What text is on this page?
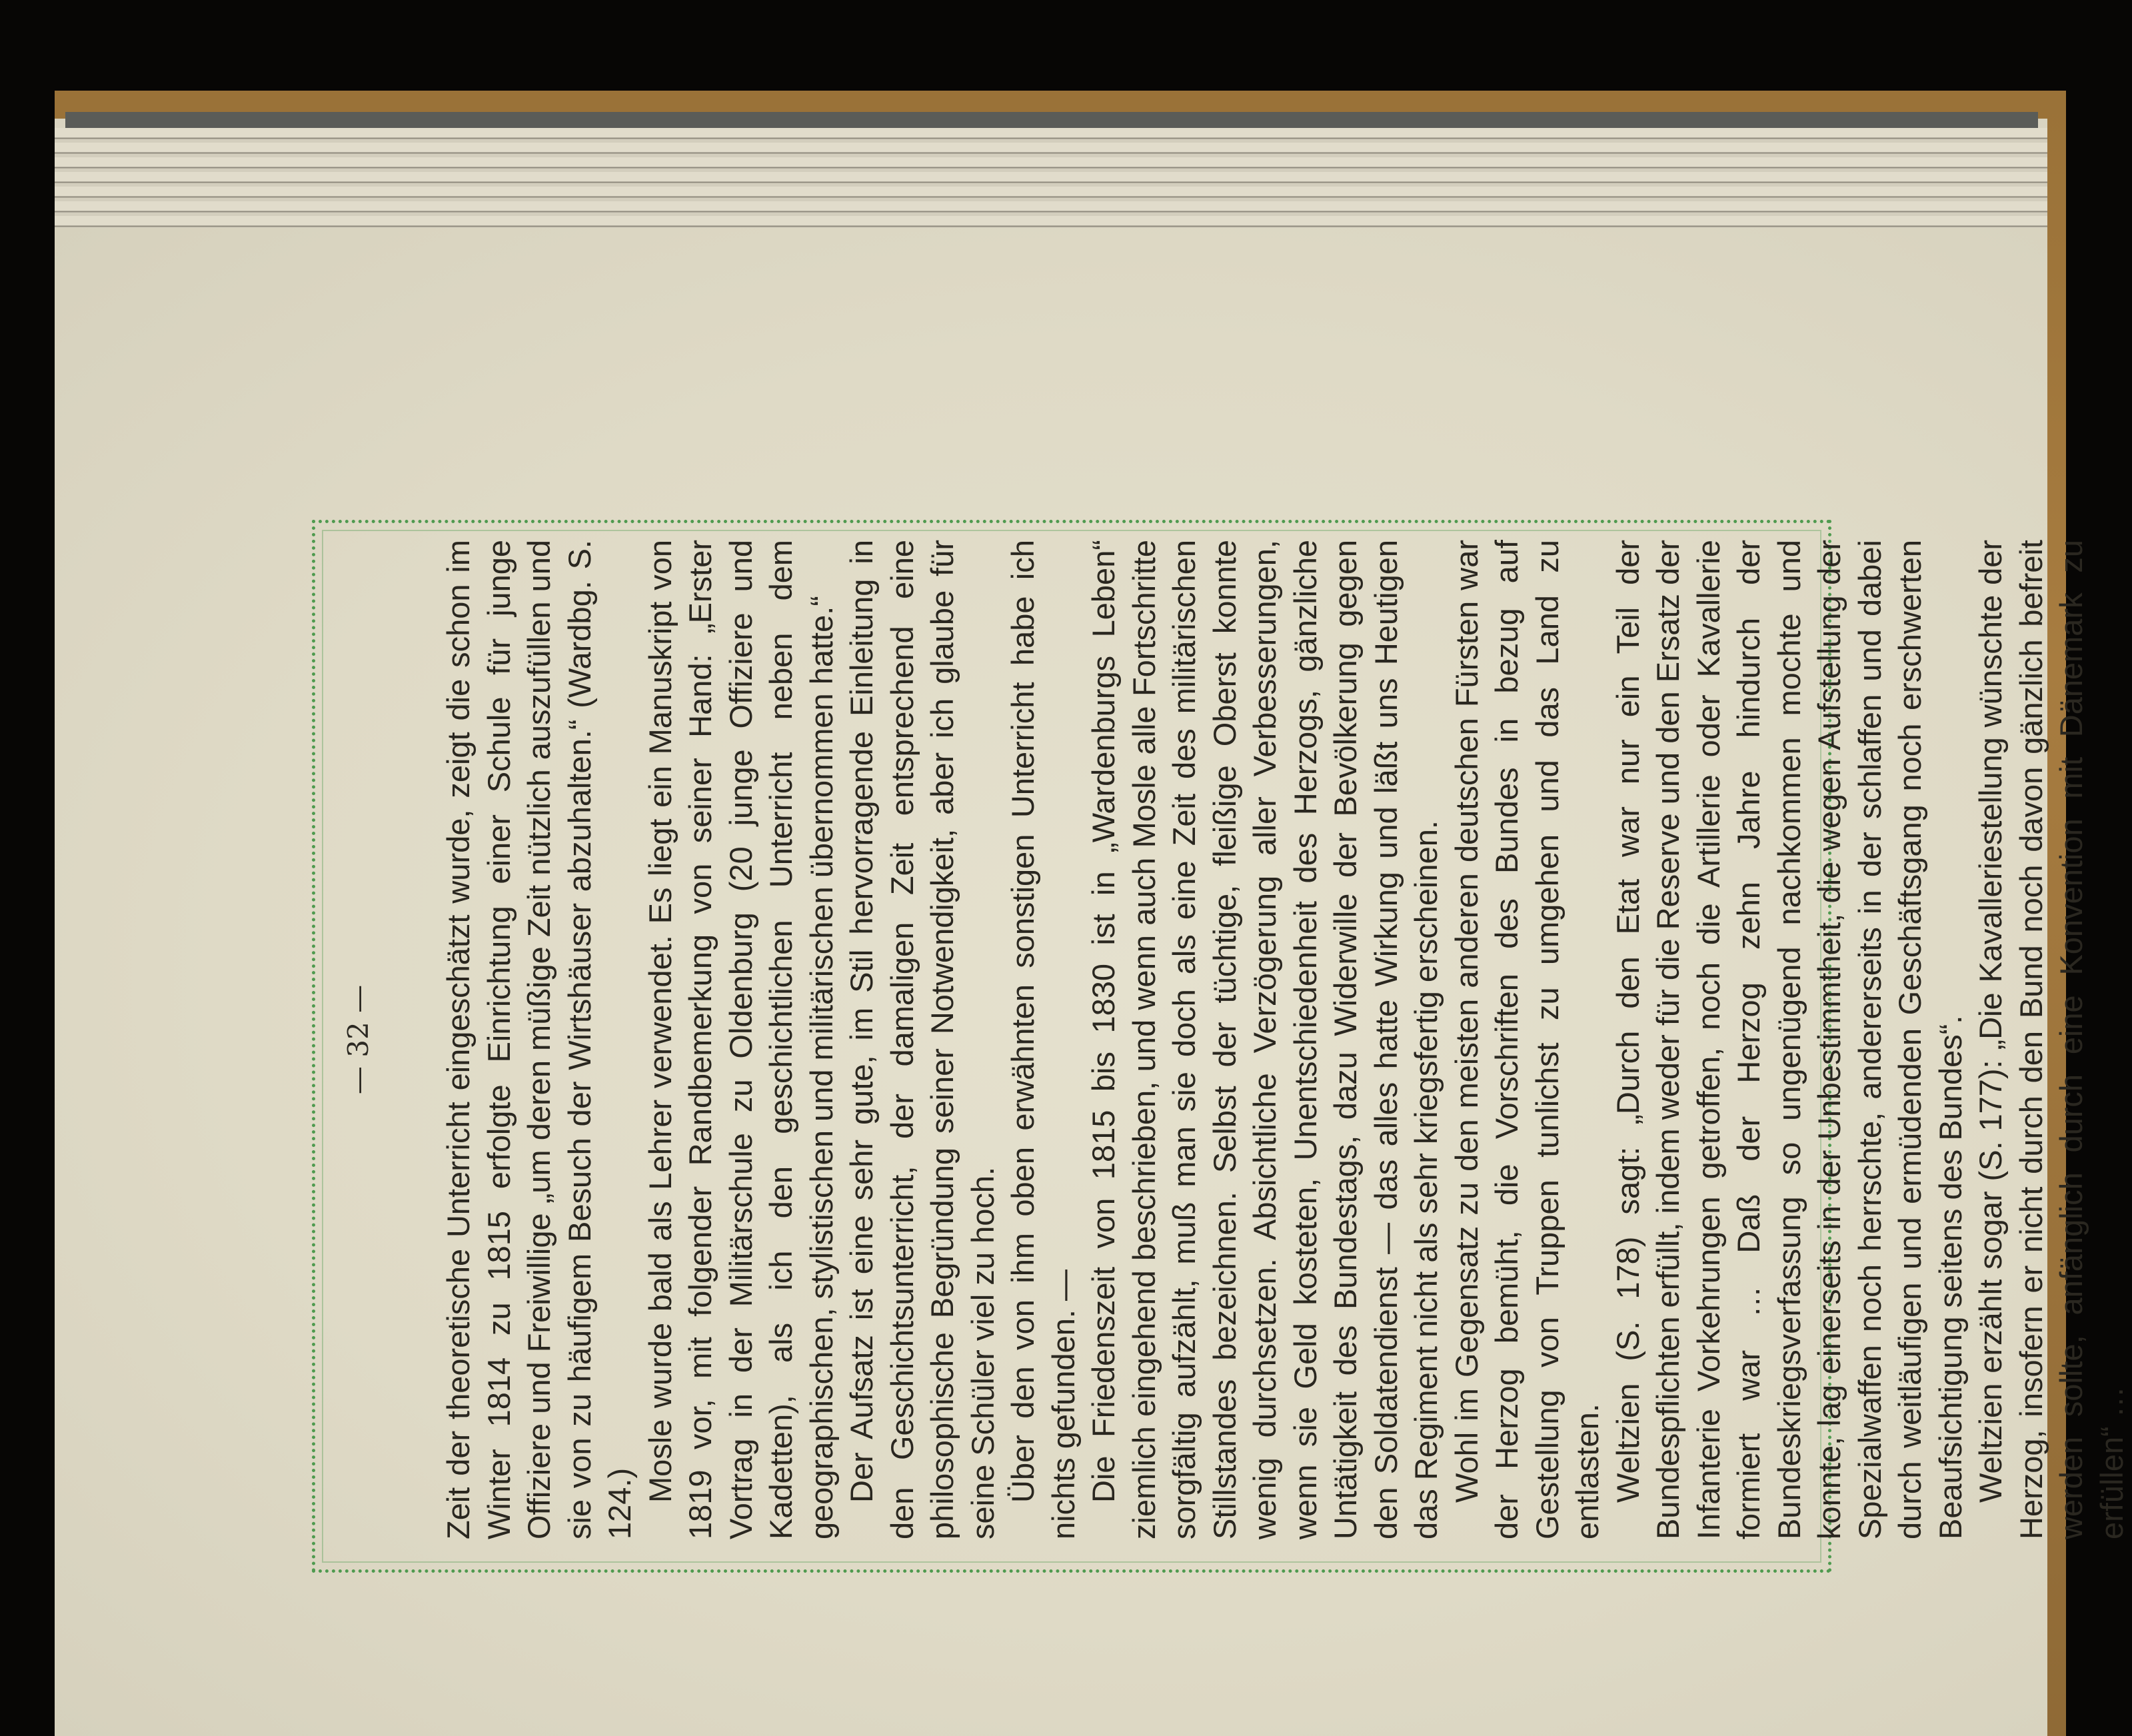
— 32 — Zeit der theoretische Unterricht eingeschätzt wurde, zeigt die schon im Winter 1814 zu 1815 erfolgte Einrichtung einer Schule für junge Offiziere und Freiwillige „um deren müßige Zeit nützlich auszufüllen und sie von zu häufigem Besuch der Wirtshäuser abzuhalten.“ (Wardbg. S. 124.)

Mosle wurde bald als Lehrer verwendet. Es liegt ein Manuskript von 1819 vor, mit folgender Randbemerkung von seiner Hand: „Erster Vortrag in der Militärschule zu Oldenburg (20 junge Offiziere und Kadetten), als ich den geschichtlichen Unterricht neben dem geographischen, stylistischen und militärischen übernommen hatte.“ Der Aufsatz ist eine sehr gute, im Stil hervorragende Einleitung in den Geschichtsunterricht, der damaligen Zeit entsprechend eine philosophische Begründung seiner Notwendigkeit, aber ich glaube für seine Schüler viel zu hoch. Über den von ihm oben erwähnten sonstigen Unterricht habe ich nichts gefunden. — Die Friedenszeit von 1815 bis 1830 ist in „Wardenburgs Leben“ ziemlich eingehend beschrieben, und wenn auch Mosle alle Fortschritte sorgfältig aufzählt, muß man sie doch als eine Zeit des militärischen Stillstandes bezeichnen. Selbst der tüchtige, fleißige Oberst konnte wenig durchsetzen. Absichtliche Verzögerung aller Verbesserungen, wenn sie Geld kosteten, Unentschiedenheit des Herzogs, gänzliche Untätigkeit des Bundestags, dazu Widerwille der Bevölkerung gegen den Soldatendienst — das alles hatte Wirkung und läßt uns Heutigen das Regiment nicht als sehr kriegsfertig erscheinen. Wohl im Gegensatz zu den meisten anderen deutschen Fürsten war der Herzog bemüht, die Vorschriften des Bundes in bezug auf Gestellung von Truppen tunlichst zu umgehen und das Land zu entlasten. Weltzien (S. 178) sagt: „Durch den Etat war nur ein Teil der Bundespflichten erfüllt, indem weder für die Reserve und den Ersatz der Infanterie Vorkehrungen getroffen, noch die Artillerie oder Kavallerie formiert war … Daß der Herzog zehn Jahre hindurch der Bundeskriegsverfassung so ungenügend nachkommen mochte und konnte, lag einerseits in der Unbestimmtheit, die wegen Aufstellung der Spezialwaffen noch herrschte, andererseits in der schlaffen und dabei durch weitläufigen und ermüdenden Geschäftsgang noch erschwerten Beaufsichtigung seitens des Bundes“. Weltzien erzählt sogar (S. 177): „Die Kavalleriestellung wünschte der Herzog, insofern er nicht durch den Bund noch davon gänzlich befreit werden sollte, anfänglich durch eine Konvention mit Dänemark zu erfüllen“ …
